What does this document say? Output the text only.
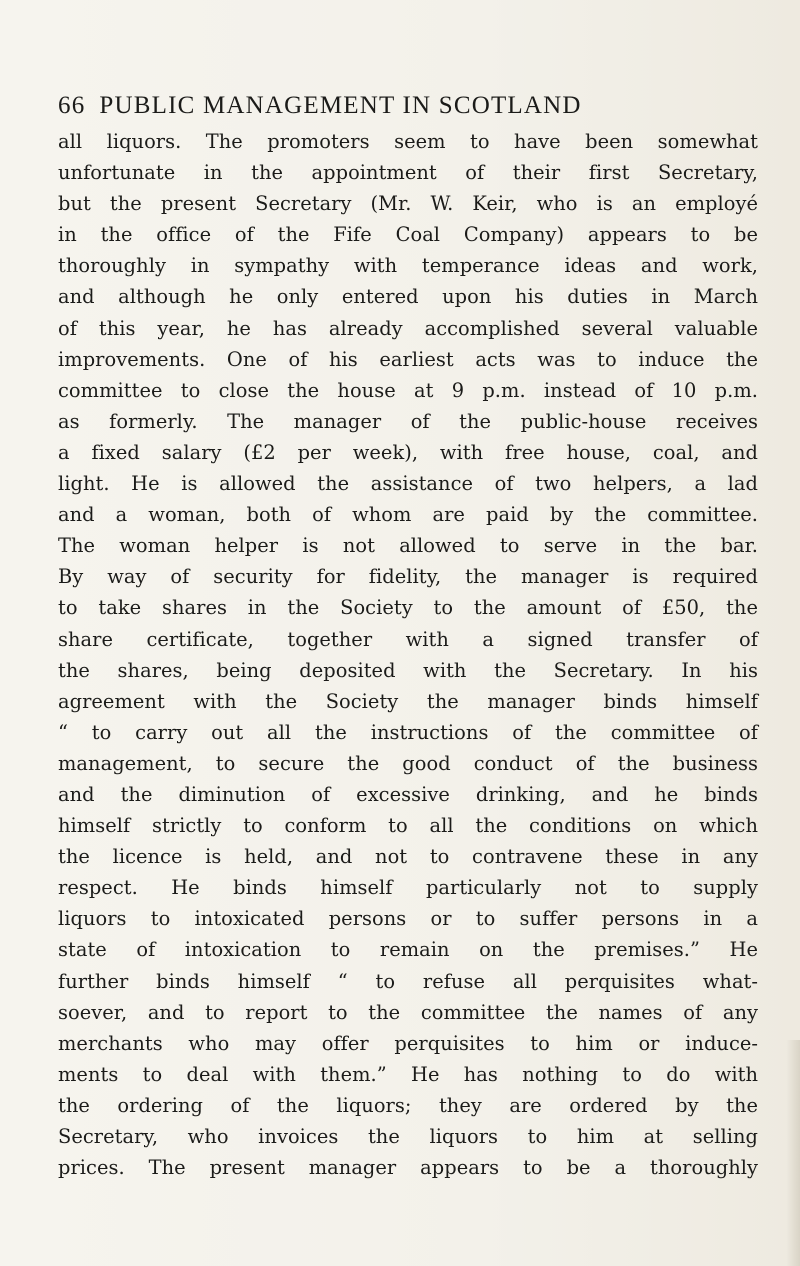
66 PUBLIC MANAGEMENT IN SCOTLAND
all liquors. The promoters seem to have been somewhat
unfortunate in the appointment of their first Secretary,
but the present Secretary (Mr. W. Keir, who is an employé
in the office of the Fife Coal Company) appears to be
thoroughly in sympathy with temperance ideas and work,
and although he only entered upon his duties in March
of this year, he has already accomplished several valuable
improvements. One of his earliest acts was to induce the
committee to close the house at 9 p.m. instead of 10 p.m.
as formerly. The manager of the public-house receives
a fixed salary (£2 per week), with free house, coal, and
light. He is allowed the assistance of two helpers, a lad
and a woman, both of whom are paid by the committee.
The woman helper is not allowed to serve in the bar.
By way of security for fidelity, the manager is required
to take shares in the Society to the amount of £50, the
share certificate, together with a signed transfer of
the shares, being deposited with the Secretary. In his
agreement with the Society the manager binds himself
“ to carry out all the instructions of the committee of
management, to secure the good conduct of the business
and the diminution of excessive drinking, and he binds
himself strictly to conform to all the conditions on which
the licence is held, and not to contravene these in any
respect. He binds himself particularly not to supply
liquors to intoxicated persons or to suffer persons in a
state of intoxication to remain on the premises.” He
further binds himself “ to refuse all perquisites what-
soever, and to report to the committee the names of any
merchants who may offer perquisites to him or induce-
ments to deal with them.” He has nothing to do with
the ordering of the liquors; they are ordered by the
Secretary, who invoices the liquors to him at selling
prices. The present manager appears to be a thoroughly
